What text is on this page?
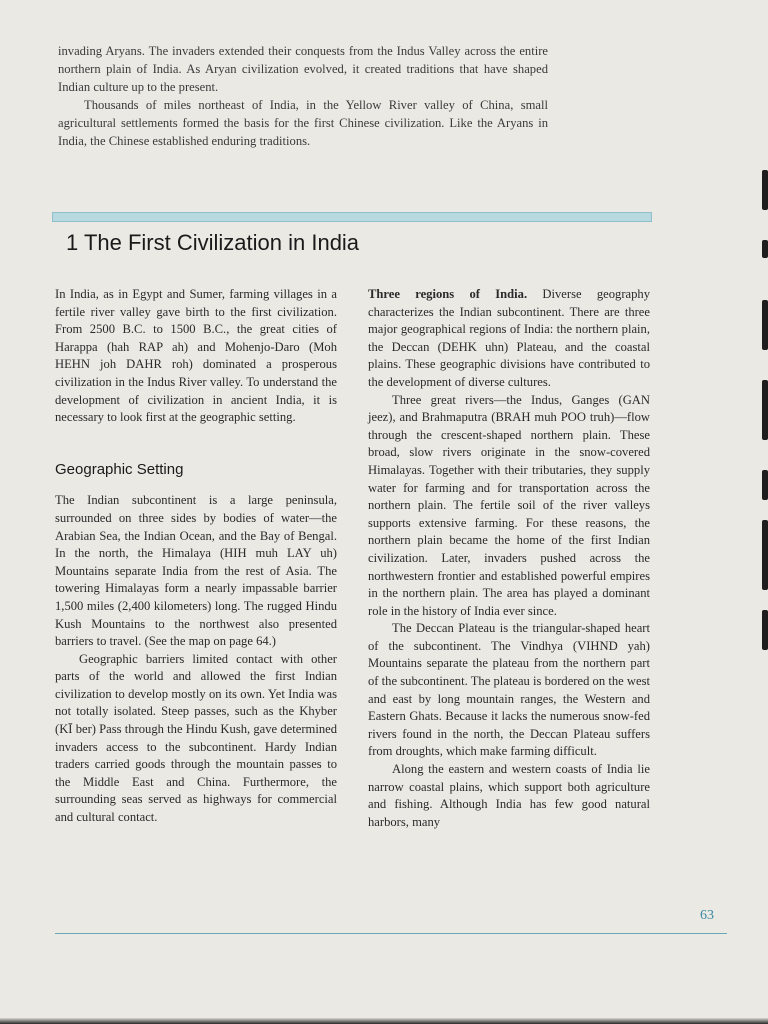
invading Aryans. The invaders extended their conquests from the Indus Valley across the entire northern plain of India. As Aryan civilization evolved, it created traditions that have shaped Indian culture up to the present.

Thousands of miles northeast of India, in the Yellow River valley of China, small agricultural settlements formed the basis for the first Chinese civilization. Like the Aryans in India, the Chinese established enduring traditions.

1 The First Civilization in India

In India, as in Egypt and Sumer, farming villages in a fertile river valley gave birth to the first civilization. From 2500 B.C. to 1500 B.C., the great cities of Harappa (hah RAP ah) and Mohenjo-Daro (Moh HEHN joh DAHR roh) dominated a prosperous civilization in the Indus River valley. To understand the development of civilization in ancient India, it is necessary to look first at the geographic setting.

Geographic Setting

The Indian subcontinent is a large peninsula, surrounded on three sides by bodies of water—the Arabian Sea, the Indian Ocean, and the Bay of Bengal. In the north, the Himalaya (HIH muh LAY uh) Mountains separate India from the rest of Asia. The towering Himalayas form a nearly impassable barrier 1,500 miles (2,400 kilometers) long. The rugged Hindu Kush Mountains to the northwest also presented barriers to travel. (See the map on page 64.)

Geographic barriers limited contact with other parts of the world and allowed the first Indian civilization to develop mostly on its own. Yet India was not totally isolated. Steep passes, such as the Khyber (KĪ ber) Pass through the Hindu Kush, gave determined invaders access to the subcontinent. Hardy Indian traders carried goods through the mountain passes to the Middle East and China. Furthermore, the surrounding seas served as highways for commercial and cultural contact.

Three regions of India. Diverse geography characterizes the Indian subcontinent. There are three major geographical regions of India: the northern plain, the Deccan (DEHK uhn) Plateau, and the coastal plains. These geographic divisions have contributed to the development of diverse cultures.

Three great rivers—the Indus, Ganges (GAN jeez), and Brahmaputra (BRAH muh POO truh)—flow through the crescent-shaped northern plain. These broad, slow rivers originate in the snow-covered Himalayas. Together with their tributaries, they supply water for farming and for transportation across the northern plain. The fertile soil of the river valleys supports extensive farming. For these reasons, the northern plain became the home of the first Indian civilization. Later, invaders pushed across the northwestern frontier and established powerful empires in the northern plain. The area has played a dominant role in the history of India ever since.

The Deccan Plateau is the triangular-shaped heart of the subcontinent. The Vindhya (VIHND yah) Mountains separate the plateau from the northern part of the subcontinent. The plateau is bordered on the west and east by long mountain ranges, the Western and Eastern Ghats. Because it lacks the numerous snow-fed rivers found in the north, the Deccan Plateau suffers from droughts, which make farming difficult.

Along the eastern and western coasts of India lie narrow coastal plains, which support both agriculture and fishing. Although India has few good natural harbors, many

63
